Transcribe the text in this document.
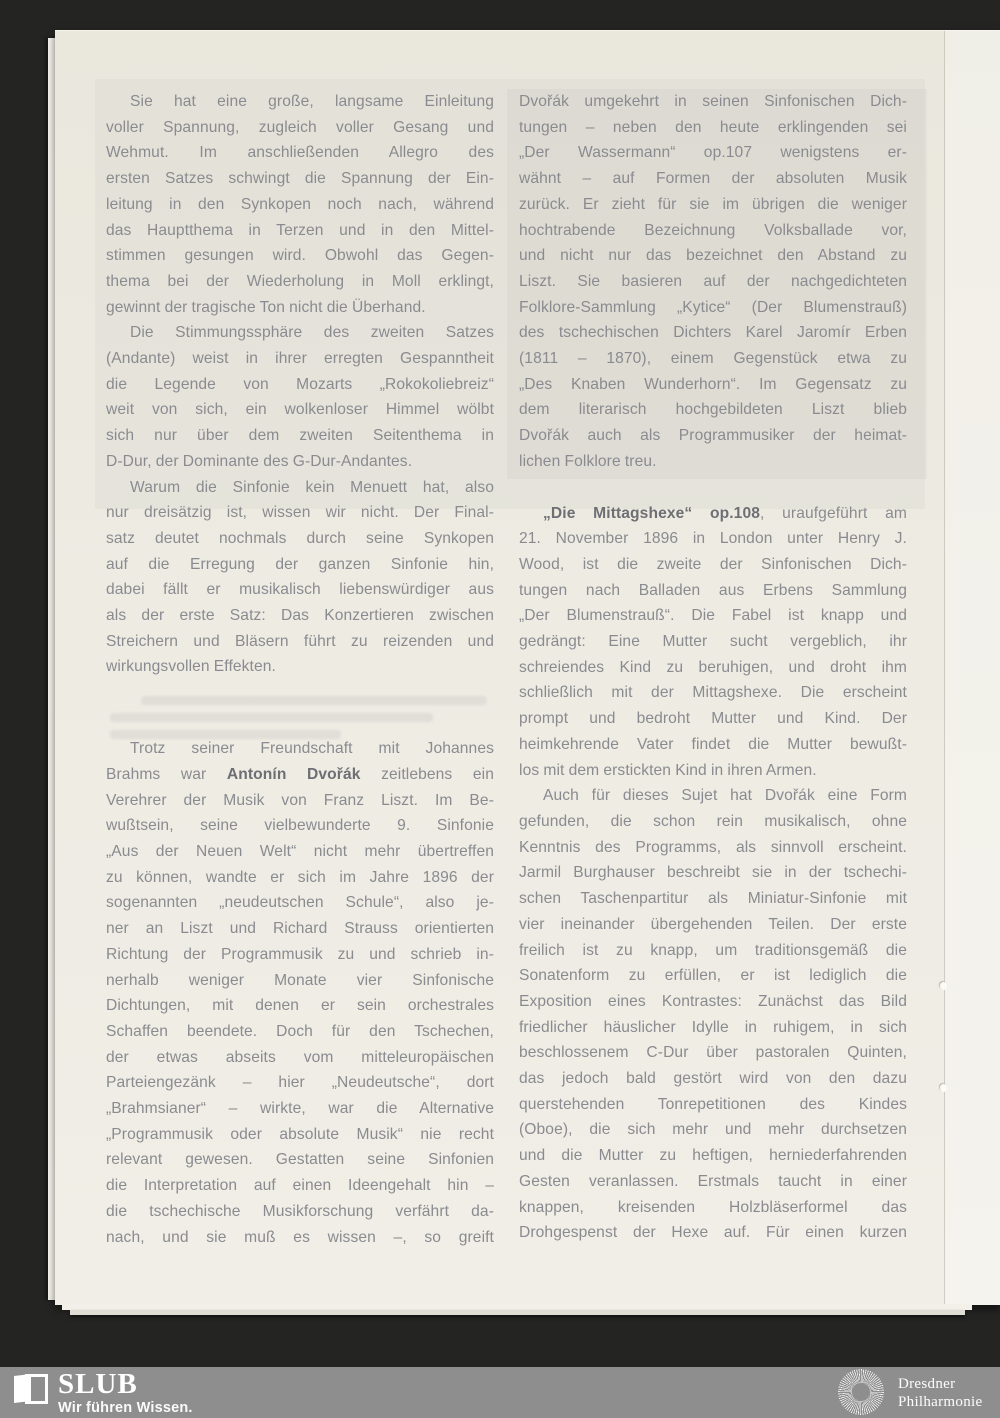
Sie hat eine große, langsame Einleitung
voller Spannung, zugleich voller Gesang und
Wehmut. Im anschließenden Allegro des
ersten Satzes schwingt die Spannung der Ein-
leitung in den Synkopen noch nach, während
das Hauptthema in Terzen und in den Mittel-
stimmen gesungen wird. Obwohl das Gegen-
thema bei der Wiederholung in Moll erklingt,
gewinnt der tragische Ton nicht die Überhand.
Die Stimmungssphäre des zweiten Satzes
(Andante) weist in ihrer erregten Gespanntheit
die Legende von Mozarts „Rokokoliebreiz“
weit von sich, ein wolkenloser Himmel wölbt
sich nur über dem zweiten Seitenthema in
D-Dur, der Dominante des G-Dur-Andantes.
Warum die Sinfonie kein Menuett hat, also
nur dreisätzig ist, wissen wir nicht. Der Final-
satz deutet nochmals durch seine Synkopen
auf die Erregung der ganzen Sinfonie hin,
dabei fällt er musikalisch liebenswürdiger aus
als der erste Satz: Das Konzertieren zwischen
Streichern und Bläsern führt zu reizenden und
wirkungsvollen Effekten.
Trotz seiner Freundschaft mit Johannes
Brahms war Antonín Dvořák zeitlebens ein
Verehrer der Musik von Franz Liszt. Im Be-
wußtsein, seine vielbewunderte 9. Sinfonie
„Aus der Neuen Welt“ nicht mehr übertreffen
zu können, wandte er sich im Jahre 1896 der
sogenannten „neudeutschen Schule“, also je-
ner an Liszt und Richard Strauss orientierten
Richtung der Programmusik zu und schrieb in-
nerhalb weniger Monate vier Sinfonische
Dichtungen, mit denen er sein orchestrales
Schaffen beendete. Doch für den Tschechen,
der etwas abseits vom mitteleuropäischen
Parteiengezänk – hier „Neudeutsche“, dort
„Brahmsianer“ – wirkte, war die Alternative
„Programmusik oder absolute Musik“ nie recht
relevant gewesen. Gestatten seine Sinfonien
die Interpretation auf einen Ideengehalt hin –
die tschechische Musikforschung verfährt da-
nach, und sie muß es wissen –, so greift
Dvořák umgekehrt in seinen Sinfonischen Dich-
tungen – neben den heute erklingenden sei
„Der Wassermann“ op.107 wenigstens er-
wähnt – auf Formen der absoluten Musik
zurück. Er zieht für sie im übrigen die weniger
hochtrabende Bezeichnung Volksballade vor,
und nicht nur das bezeichnet den Abstand zu
Liszt. Sie basieren auf der nachgedichteten
Folklore-Sammlung „Kytice“ (Der Blumenstrauß)
des tschechischen Dichters Karel Jaromír Erben
(1811 – 1870), einem Gegenstück etwa zu
„Des Knaben Wunderhorn“. Im Gegensatz zu
dem literarisch hochgebildeten Liszt blieb
Dvořák auch als Programmusiker der heimat-
lichen Folklore treu.
„Die Mittagshexe“ op.108, uraufgeführt am
21. November 1896 in London unter Henry J.
Wood, ist die zweite der Sinfonischen Dich-
tungen nach Balladen aus Erbens Sammlung
„Der Blumenstrauß“. Die Fabel ist knapp und
gedrängt: Eine Mutter sucht vergeblich, ihr
schreiendes Kind zu beruhigen, und droht ihm
schließlich mit der Mittagshexe. Die erscheint
prompt und bedroht Mutter und Kind. Der
heimkehrende Vater findet die Mutter bewußt-
los mit dem erstickten Kind in ihren Armen.
Auch für dieses Sujet hat Dvořák eine Form
gefunden, die schon rein musikalisch, ohne
Kenntnis des Programms, als sinnvoll erscheint.
Jarmil Burghauser beschreibt sie in der tschechi-
schen Taschenpartitur als Miniatur-Sinfonie mit
vier ineinander übergehenden Teilen. Der erste
freilich ist zu knapp, um traditionsgemäß die
Sonatenform zu erfüllen, er ist lediglich die
Exposition eines Kontrastes: Zunächst das Bild
friedlicher häuslicher Idylle in ruhigem, in sich
beschlossenem C-Dur über pastoralen Quinten,
das jedoch bald gestört wird von den dazu
querstehenden Tonrepetitionen des Kindes
(Oboe), die sich mehr und mehr durchsetzen
und die Mutter zu heftigen, herniederfahrenden
Gesten veranlassen. Erstmals taucht in einer
knappen, kreisenden Holzbläserformel das
Drohgespenst der Hexe auf. Für einen kurzen
SLUB
Wir führen Wissen.
Dresdner
Philharmonie
